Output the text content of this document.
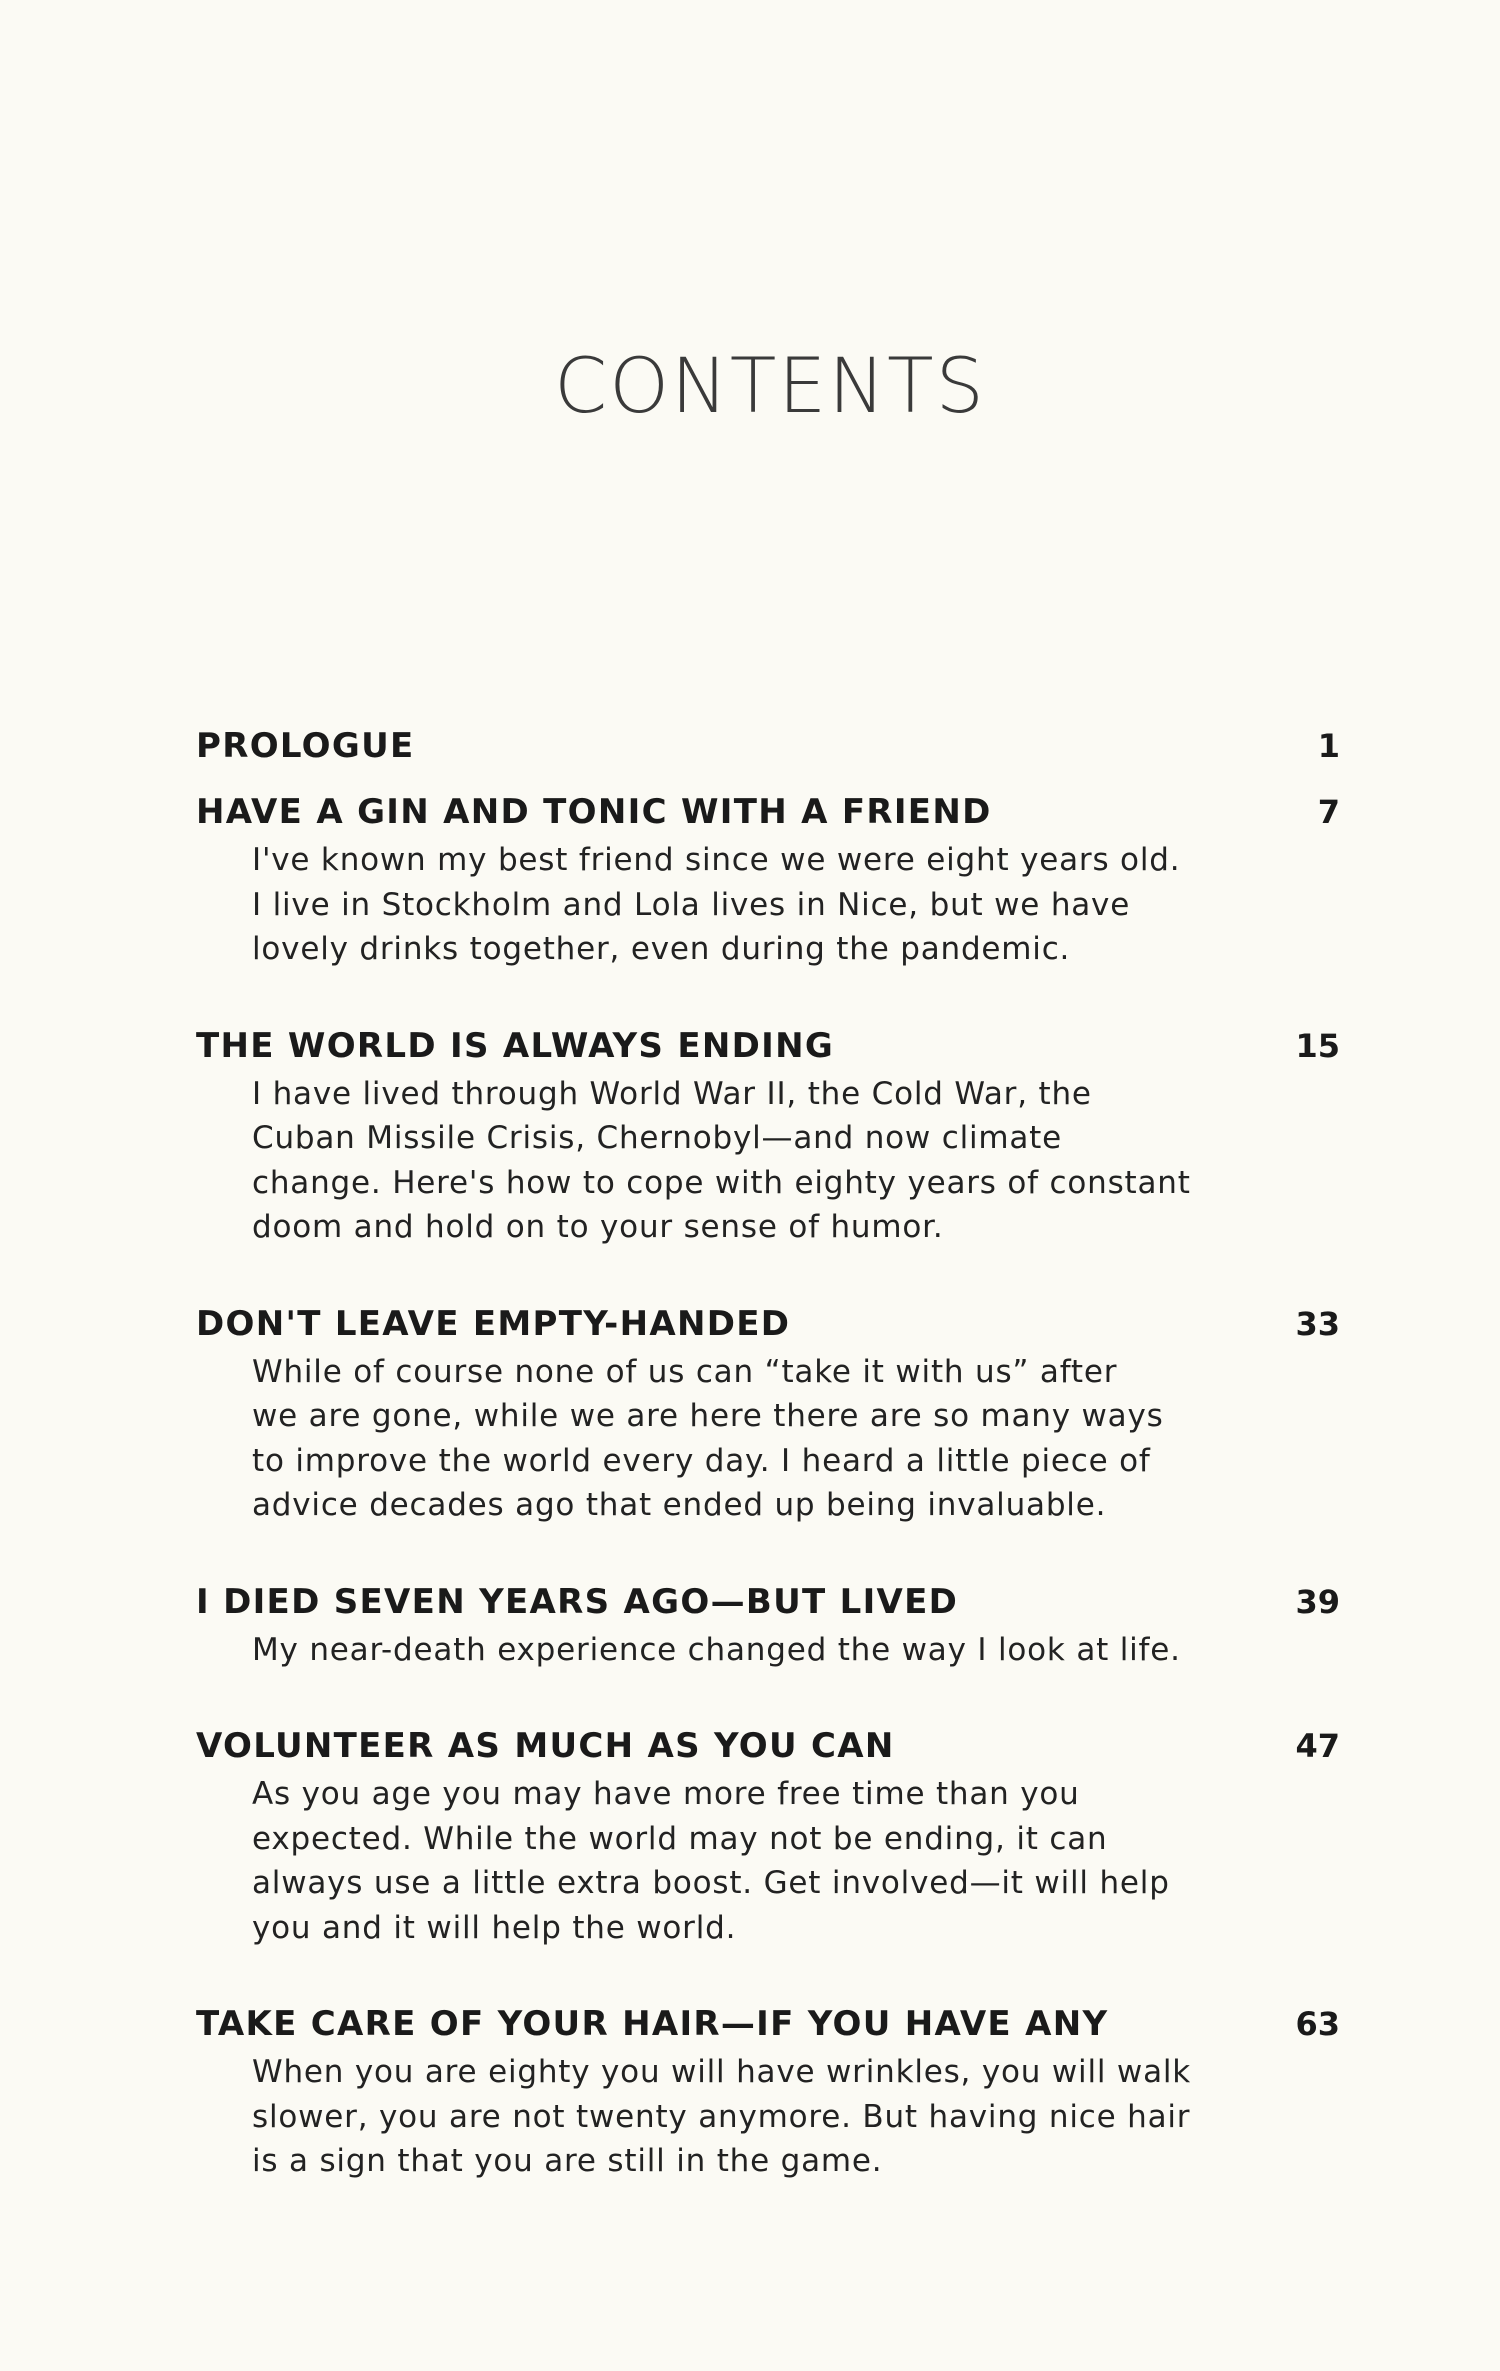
CONTENTS
PROLOGUE	1
HAVE A GIN AND TONIC WITH A FRIEND	7
I've known my best friend since we were eight years old.
I live in Stockholm and Lola lives in Nice, but we have
lovely drinks together, even during the pandemic.
THE WORLD IS ALWAYS ENDING	15
I have lived through World War II, the Cold War, the
Cuban Missile Crisis, Chernobyl—and now climate
change. Here's how to cope with eighty years of constant
doom and hold on to your sense of humor.
DON'T LEAVE EMPTY-HANDED	33
While of course none of us can “take it with us” after
we are gone, while we are here there are so many ways
to improve the world every day. I heard a little piece of
advice decades ago that ended up being invaluable.
I DIED SEVEN YEARS AGO—BUT LIVED	39
My near-death experience changed the way I look at life.
VOLUNTEER AS MUCH AS YOU CAN	47
As you age you may have more free time than you
expected. While the world may not be ending, it can
always use a little extra boost. Get involved—it will help
you and it will help the world.
TAKE CARE OF YOUR HAIR—IF YOU HAVE ANY	63
When you are eighty you will have wrinkles, you will walk
slower, you are not twenty anymore. But having nice hair
is a sign that you are still in the game.
